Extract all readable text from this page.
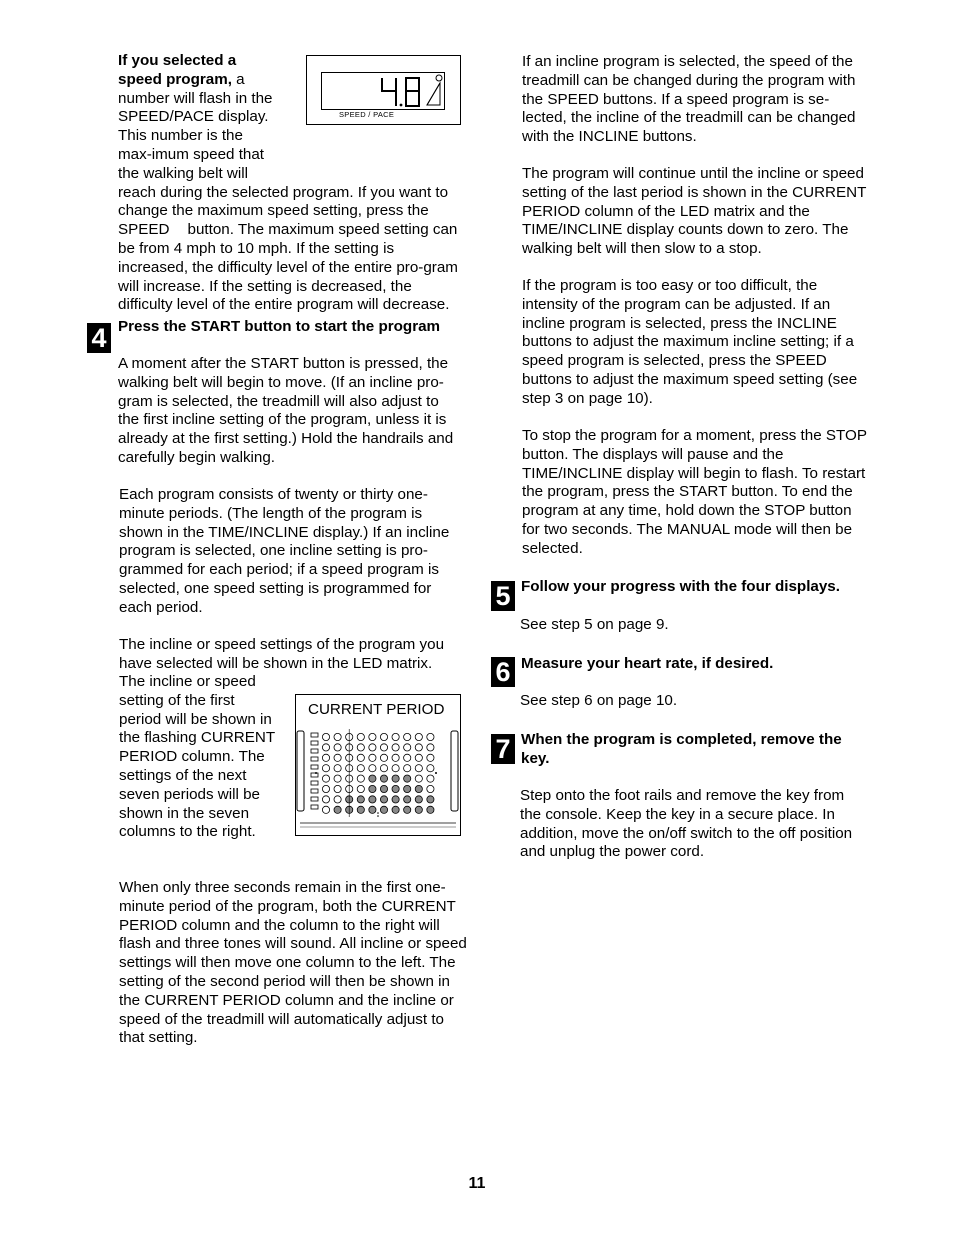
If you selected a speed program, a number will flash in the SPEED/PACE display. This number is the max-imum speed that the walking belt will reach during the selected program. If you want to change the maximum speed setting, press the SPEED button. The maximum speed setting can be from 4 mph to 10 mph. If the setting is increased, the difficulty level of the entire pro-gram will increase. If the setting is decreased, the difficulty level of the entire program will decrease.
SPEED / PACE
4 Press the START button to start the program

A moment after the START button is pressed, the walking belt will begin to move. (If an incline pro-gram is selected, the treadmill will also adjust to the first incline setting of the program, unless it is already at the first setting.) Hold the handrails and carefully begin walking.

Each program consists of twenty or thirty one-minute periods. (The length of the program is shown in the TIME/INCLINE display.) If an incline program is selected, one incline setting is pro-grammed for each period; if a speed program is selected, one speed setting is programmed for each period.

The incline or speed settings of the program you have selected will be shown in the LED matrix.

The incline or speed setting of the first period will be shown in the flashing CURRENT PERIOD column. The settings of the next seven periods will be shown in the seven columns to the right.

CURRENT PERIOD

When only three seconds remain in the first one-minute period of the program, both the CURRENT PERIOD column and the column to the right will flash and three tones will sound. All incline or speed settings will then move one column to the left. The setting of the second period will then be shown in the CURRENT PERIOD column and the incline or speed of the treadmill will automatically adjust to that setting.

If an incline program is selected, the speed of the treadmill can be changed during the program with the SPEED buttons. If a speed program is se-lected, the incline of the treadmill can be changed with the INCLINE buttons.

The program will continue until the incline or speed setting of the last period is shown in the CURRENT PERIOD column of the LED matrix and the TIME/INCLINE display counts down to zero. The walking belt will then slow to a stop.

If the program is too easy or too difficult, the intensity of the program can be adjusted. If an incline program is selected, press the INCLINE buttons to adjust the maximum incline setting; if a speed program is selected, press the SPEED buttons to adjust the maximum speed setting (see step 3 on page 10).

To stop the program for a moment, press the STOP button. The displays will pause and the TIME/INCLINE display will begin to flash. To restart the program, press the START button. To end the program at any time, hold down the STOP button for two seconds. The MANUAL mode will then be selected.

5 Follow your progress with the four displays.

See step 5 on page 9.

6 Measure your heart rate, if desired.

See step 6 on page 10.

7 When the program is completed, remove the key.

Step onto the foot rails and remove the key from the console. Keep the key in a secure place. In addition, move the on/off switch to the off position and unplug the power cord.

11
